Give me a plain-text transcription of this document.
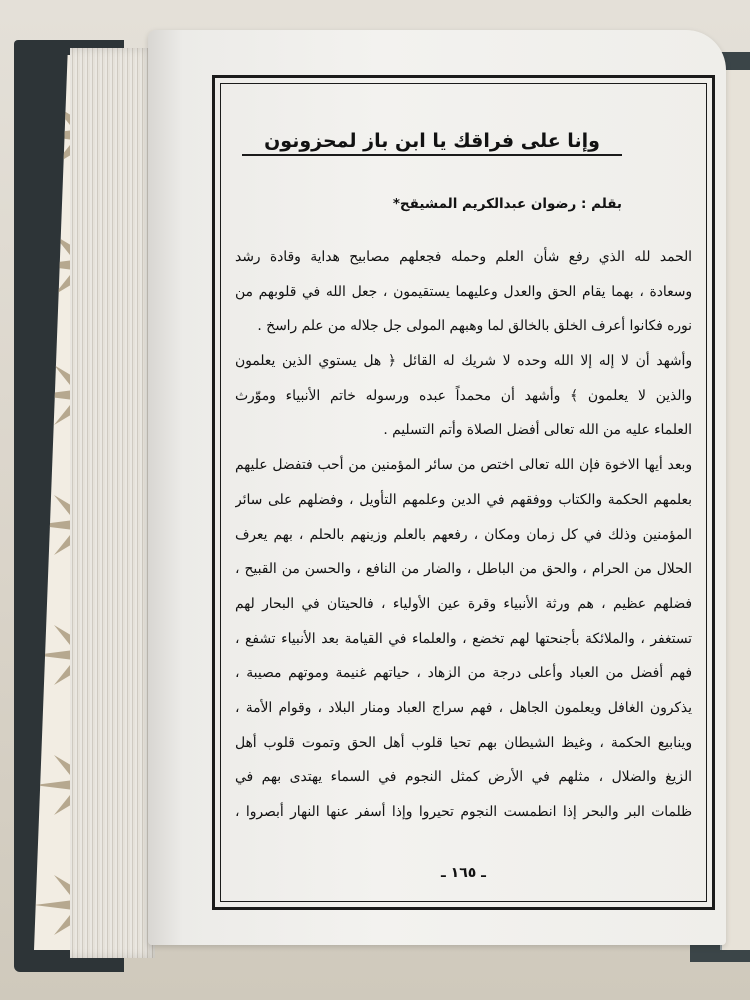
وإنا على فراقك يا ابن باز لمحزونون
بقلم : رضوان عبدالكريم المشيقح*
الحمد لله الذي رفع شأن العلم وحمله فجعلهم مصابيح هداية وقادة رشد
وسعادة ، بهما يقام الحق والعدل وعليهما يستقيمون ، جعل الله في قلوبهم من
نوره فكانوا أعرف الخلق بالخالق لما وهبهم المولى جل جلاله من علم راسخ .
وأشهد أن لا إله إلا الله وحده لا شريك له القائل ﴿ هل يستوي الذين يعلمون
والذين لا يعلمون ﴾ وأشهد أن محمداً عبده ورسوله خاتم الأنبياء وموّرث
العلماء عليه من الله تعالى أفضل الصلاة وأتم التسليم .
وبعد أيها الاخوة فإن الله تعالى اختص من سائر المؤمنين من أحب فتفضل عليهم
بعلمهم الحكمة والكتاب ووفقهم في الدين وعلمهم التأويل ، وفضلهم على سائر
المؤمنين وذلك في كل زمان ومكان ، رفعهم بالعلم وزينهم بالحلم ، بهم يعرف
الحلال من الحرام ، والحق من الباطل ، والضار من النافع ، والحسن من القبيح ،
فضلهم عظيم ، هم ورثة الأنبياء وقرة عين الأولياء ، فالحيتان في البحار لهم
تستغفر ، والملائكة بأجنحتها لهم تخضع ، والعلماء في القيامة بعد الأنبياء تشفع ،
فهم أفضل من العباد وأعلى درجة من الزهاد ، حياتهم غنيمة وموتهم مصيبة ،
يذكرون الغافل ويعلمون الجاهل ، فهم سراج العباد ومنار البلاد ، وقوام الأمة ،
وينابيع الحكمة ، وغيظ الشيطان بهم تحيا قلوب أهل الحق وتموت قلوب أهل
الزيغ والضلال ، مثلهم في الأرض كمثل النجوم في السماء يهتدى بهم في
ظلمات البر والبحر إذا انطمست النجوم تحيروا وإذا أسفر عنها النهار أبصروا ،
ـ ١٦٥ ـ
